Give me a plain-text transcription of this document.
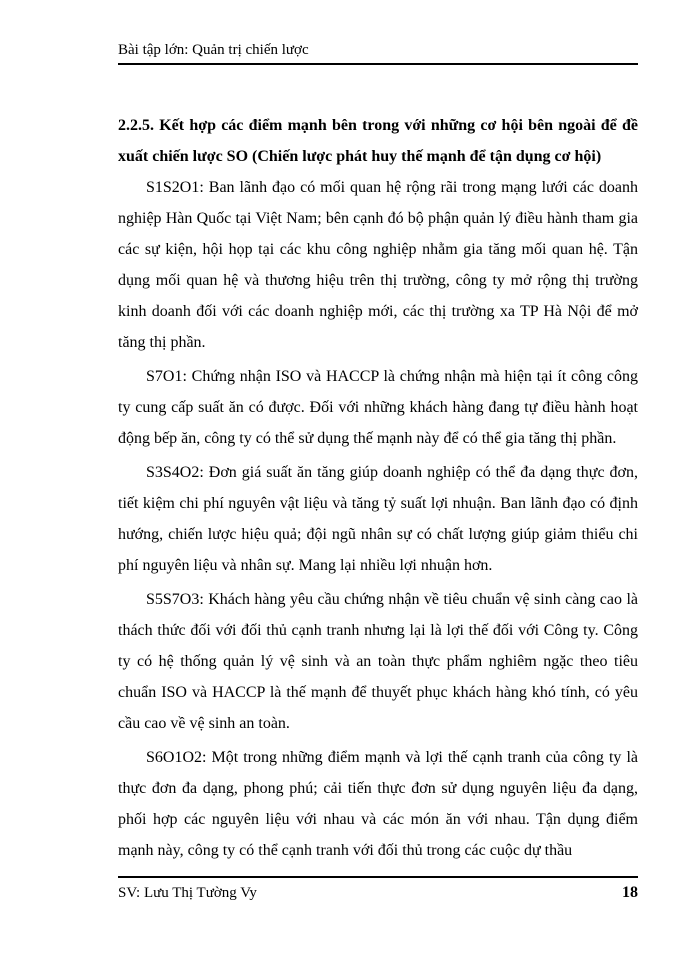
Bài tập lớn: Quản trị chiến lược

2.2.5. Kết hợp các điểm mạnh bên trong với những cơ hội bên ngoài để đề xuất chiến lược SO (Chiến lược phát huy thế mạnh để tận dụng cơ hội)

S1S2O1: Ban lãnh đạo có mối quan hệ rộng rãi trong mạng lưới các doanh nghiệp Hàn Quốc tại Việt Nam; bên cạnh đó bộ phận quản lý điều hành tham gia các sự kiện, hội họp tại các khu công nghiệp nhằm gia tăng mối quan hệ. Tận dụng mối quan hệ và thương hiệu trên thị trường, công ty mở rộng thị trường kinh doanh đối với các doanh nghiệp mới, các thị trường xa TP Hà Nội để mở tăng thị phần.

S7O1: Chứng nhận ISO và HACCP là chứng nhận mà hiện tại ít công công ty cung cấp suất ăn có được. Đối với những khách hàng đang tự điều hành hoạt động bếp ăn, công ty có thể sử dụng thế mạnh này để có thể gia tăng thị phần.

S3S4O2: Đơn giá suất ăn tăng giúp doanh nghiệp có thể đa dạng thực đơn, tiết kiệm chi phí nguyên vật liệu và tăng tỷ suất lợi nhuận. Ban lãnh đạo có định hướng, chiến lược hiệu quả; đội ngũ nhân sự có chất lượng giúp giảm thiểu chi phí nguyên liệu và nhân sự. Mang lại nhiều lợi nhuận hơn.

S5S7O3: Khách hàng yêu cầu chứng nhận về tiêu chuẩn vệ sinh càng cao là thách thức đối với đối thủ cạnh tranh nhưng lại là lợi thế đối với Công ty. Công ty có hệ thống quản lý vệ sinh và an toàn thực phẩm nghiêm ngặc theo tiêu chuẩn ISO và HACCP là thế mạnh để thuyết phục khách hàng khó tính, có yêu cầu cao về vệ sinh an toàn.

S6O1O2: Một trong những điểm mạnh và lợi thế cạnh tranh của công ty là thực đơn đa dạng, phong phú; cải tiến thực đơn sử dụng nguyên liệu đa dạng, phối hợp các nguyên liệu với nhau và các món ăn với nhau. Tận dụng điểm mạnh này, công ty có thể cạnh tranh với đối thủ trong các cuộc dự thầu

SV: Lưu Thị Tường Vy	18
